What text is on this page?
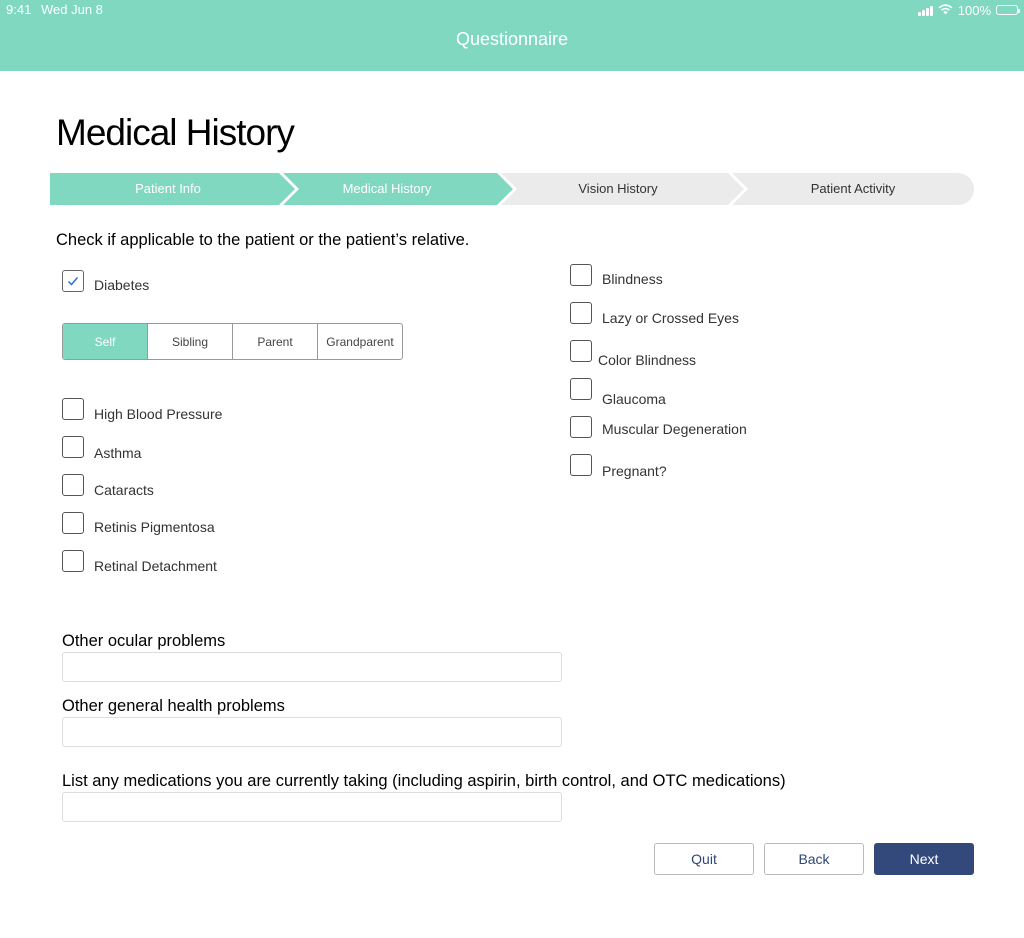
9:41 Wed Jun 8	100%
Questionnaire
Medical History
Patient Info	Medical History	Vision History	Patient Activity
Check if applicable to the patient or the patient’s relative.
Diabetes
Self	Sibling	Parent	Grandparent
High Blood Pressure
Asthma
Cataracts
Retinis Pigmentosa
Retinal Detachment
Blindness
Lazy or Crossed Eyes
Color Blindness
Glaucoma
Muscular Degeneration
Pregnant?
Other ocular problems
Other general health problems
List any medications you are currently taking (including aspirin, birth control, and OTC medications)
Quit	Back	Next
